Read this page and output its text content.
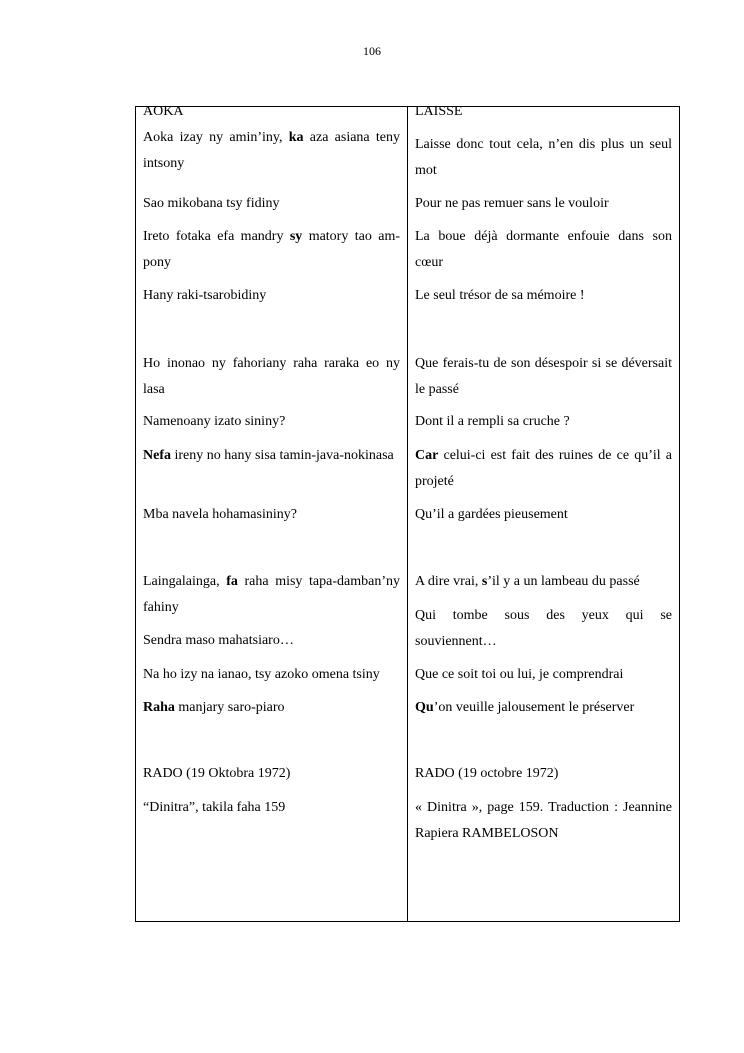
106
AOKA
Aoka izay ny amin’iny, ka aza asiana teny intsony
Sao mikobana tsy fidiny
Ireto fotaka efa mandry sy matory tao am-pony
Hany raki-tsarobidiny
Ho inonao ny fahoriany raha raraka eo ny lasa
Namenoany izato sininy?
Nefa ireny no hany sisa tamin-java-nokinasa
Mba navela hohamasininy?
Laingalainga, fa raha misy tapa-damban’ny fahiny
Sendra maso mahatsiaro…
Na ho izy na ianao, tsy azoko omena tsiny
Raha manjary saro-piaro
RADO (19 Oktobra 1972)
“Dinitra”, takila faha 159
LAISSE
Laisse donc tout cela, n’en dis plus un seul mot
Pour ne pas remuer sans le vouloir
La boue déjà dormante enfouie dans son cœur
Le seul trésor de sa mémoire !
Que ferais-tu de son désespoir si se déversait le passé
Dont il a rempli sa cruche ?
Car celui-ci est fait des ruines de ce qu’il a projeté
Qu’il a gardées pieusement
A dire vrai, s’il y a un lambeau du passé
Qui tombe sous des yeux qui se souviennent…
Que ce soit toi ou lui, je comprendrai
Qu’on veuille jalousement le préserver
RADO (19 octobre 1972)
« Dinitra », page 159. Traduction : Jeannine Rapiera RAMBELOSON
